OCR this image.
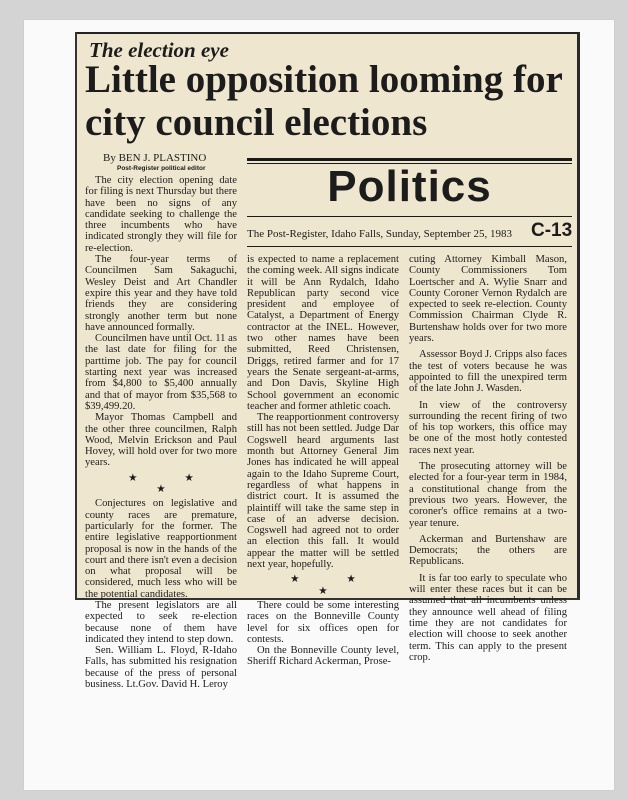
The election eye
Little opposition looming for city council elections
By BEN J. PLASTINO
Post-Register political editor	Politics
The Post-Register, Idaho Falls, Sunday, September 25, 1983	C-13

The city election opening date for filing is next Thursday but there have been no signs of any candidate seeking to challenge the three incumbents who have indicated strongly they will file for re-election.

The four-year terms of Councilmen Sam Sakaguchi, Wesley Deist and Art Chandler expire this year and they have told friends they are considering strongly another term but none have announced formally.

Councilmen have until Oct. 11 as the last date for filing for the parttime job. The pay for council starting next year was increased from $4,800 to $5,400 annually and that of mayor from $35,568 to $39,499.20.

Mayor Thomas Campbell and the other three councilmen, Ralph Wood, Melvin Erickson and Paul Hovey, will hold over for two more years.

★ ★ ★

Conjectures on legislative and county races are premature, particularly for the former. The entire legislative reapportionment proposal is now in the hands of the court and there isn't even a decision on what proposal will be considered, much less who will be the potential candidates.

The present legislators are all expected to seek re-election because none of them have indicated they intend to step down.

Sen. William L. Floyd, R-Idaho Falls, has submitted his resignation because of the press of personal business. Lt.Gov. David H. Leroy

is expected to name a replacement the coming week. All signs indicate it will be Ann Rydalch, Idaho Republican party second vice president and employee of Catalyst, a Department of Energy contractor at the INEL. However, two other names have been submitted, Reed Christensen, Driggs, retired farmer and for 17 years the Senate sergeant-at-arms, and Don Davis, Skyline High School government an economic teacher and former athletic coach.

The reapportionment controversy still has not been settled. Judge Dar Cogswell heard arguments last month but Attorney General Jim Jones has indicated he will appeal again to the Idaho Supreme Court, regardless of what happens in district court. It is assumed the plaintiff will take the same step in case of an adverse decision. Cogswell had agreed not to order an election this fall. It would appear the matter will be settled next year, hopefully.

★ ★ ★

There could be some interesting races on the Bonneville County level for six offices open for contests.

On the Bonneville County level, Sheriff Richard Ackerman, Prose-

cuting Attorney Kimball Mason, County Commissioners Tom Loertscher and A. Wylie Snarr and County Coroner Vernon Rydalch are expected to seek re-election. County Commission Chairman Clyde R. Burtenshaw holds over for two more years.

Assessor Boyd J. Cripps also faces the test of voters because he was appointed to fill the unexpired term of the late John J. Wasden.

In view of the controversy surrounding the recent firing of two of his top workers, this office may be one of the most hotly contested races next year.

The prosecuting attorney will be elected for a four-year term in 1984, a constitutional change from the previous two years. However, the coroner's office remains at a two-year tenure.

Ackerman and Burtenshaw are Democrats; the others are Republicans.

It is far too early to speculate who will enter these races but it can be assumed that all incumbents unless they announce well ahead of filing time they are not candidates for election will choose to seek another term. This can apply to the present crop.
